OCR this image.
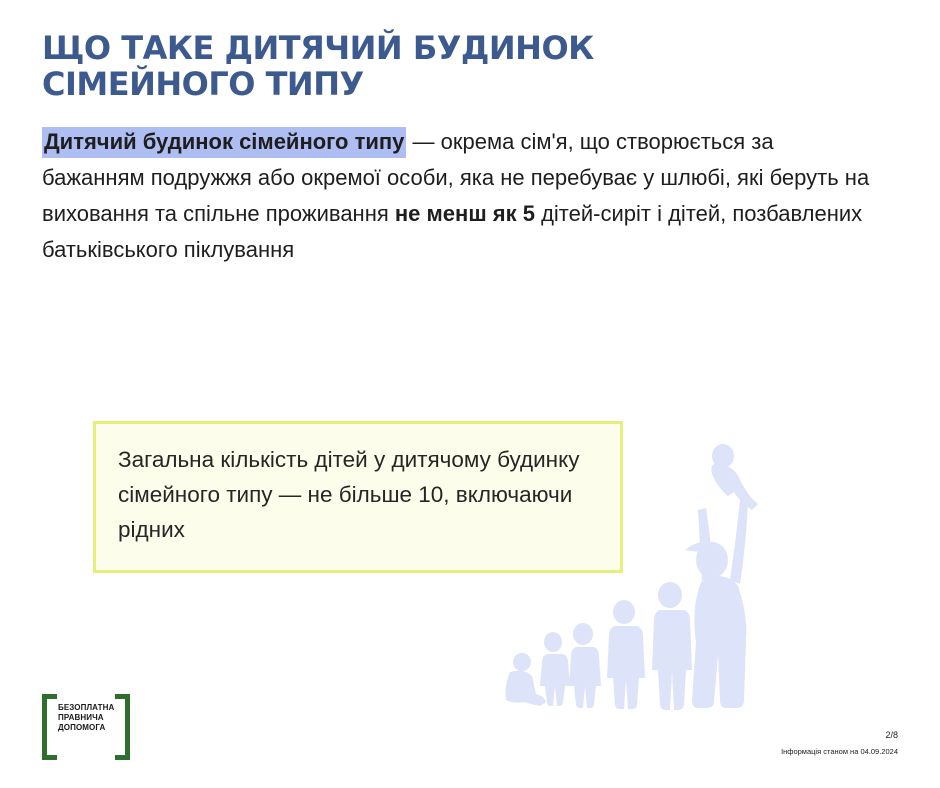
ЩО ТАКЕ ДИТЯЧИЙ БУДИНОК
СІМЕЙНОГО ТИПУ

Дитячий будинок сімейного типу — окрема сім'я, що створюється за бажанням подружжя або окремої особи, яка не перебуває у шлюбі, які беруть на виховання та спільне проживання не менш як 5 дітей-сиріт і дітей, позбавлених батьківського піклування

Загальна кількість дітей у дитячому будинку сімейного типу — не більше 10, включаючи рідних

БЕЗОПЛАТНА
ПРАВНИЧА
ДОПОМОГА
2/8
Інформація станом на 04.09.2024
